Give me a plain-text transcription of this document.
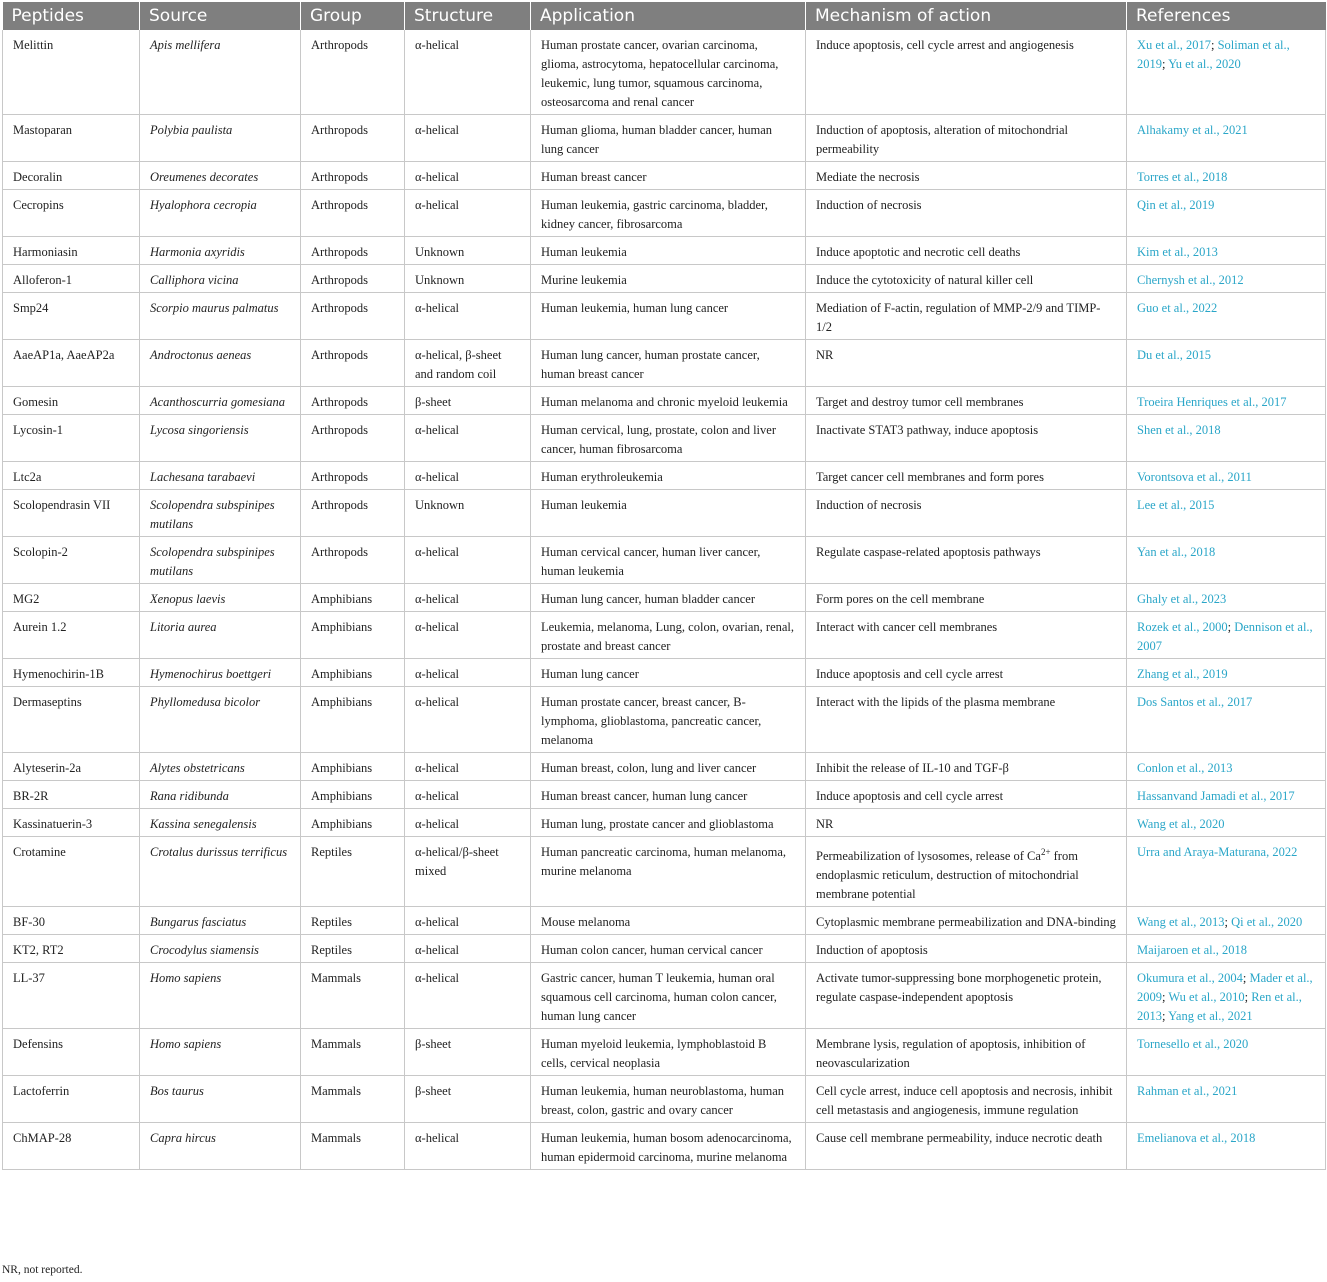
Peptides	Source	Group	Structure	Application	Mechanism of action	References
Melittin	Apis mellifera	Arthropods	α-helical	Human prostate cancer, ovarian carcinoma, glioma, astrocytoma, hepatocellular carcinoma, leukemic, lung tumor, squamous carcinoma, osteosarcoma and renal cancer	Induce apoptosis, cell cycle arrest and angiogenesis	Xu et al., 2017; Soliman et al., 2019; Yu et al., 2020
Mastoparan	Polybia paulista	Arthropods	α-helical	Human glioma, human bladder cancer, human lung cancer	Induction of apoptosis, alteration of mitochondrial permeability	Alhakamy et al., 2021
Decoralin	Oreumenes decorates	Arthropods	α-helical	Human breast cancer	Mediate the necrosis	Torres et al., 2018
Cecropins	Hyalophora cecropia	Arthropods	α-helical	Human leukemia, gastric carcinoma, bladder, kidney cancer, fibrosarcoma	Induction of necrosis	Qin et al., 2019
Harmoniasin	Harmonia axyridis	Arthropods	Unknown	Human leukemia	Induce apoptotic and necrotic cell deaths	Kim et al., 2013
Alloferon-1	Calliphora vicina	Arthropods	Unknown	Murine leukemia	Induce the cytotoxicity of natural killer cell	Chernysh et al., 2012
Smp24	Scorpio maurus palmatus	Arthropods	α-helical	Human leukemia, human lung cancer	Mediation of F-actin, regulation of MMP-2/9 and TIMP-1/2	Guo et al., 2022
AaeAP1a, AaeAP2a	Androctonus aeneas	Arthropods	α-helical, β-sheet and random coil	Human lung cancer, human prostate cancer, human breast cancer	NR	Du et al., 2015
Gomesin	Acanthoscurria gomesiana	Arthropods	β-sheet	Human melanoma and chronic myeloid leukemia	Target and destroy tumor cell membranes	Troeira Henriques et al., 2017
Lycosin-1	Lycosa singoriensis	Arthropods	α-helical	Human cervical, lung, prostate, colon and liver cancer, human fibrosarcoma	Inactivate STAT3 pathway, induce apoptosis	Shen et al., 2018
Ltc2a	Lachesana tarabaevi	Arthropods	α-helical	Human erythroleukemia	Target cancer cell membranes and form pores	Vorontsova et al., 2011
Scolopendrasin VII	Scolopendra subspinipes mutilans	Arthropods	Unknown	Human leukemia	Induction of necrosis	Lee et al., 2015
Scolopin-2	Scolopendra subspinipes mutilans	Arthropods	α-helical	Human cervical cancer, human liver cancer, human leukemia	Regulate caspase-related apoptosis pathways	Yan et al., 2018
MG2	Xenopus laevis	Amphibians	α-helical	Human lung cancer, human bladder cancer	Form pores on the cell membrane	Ghaly et al., 2023
Aurein 1.2	Litoria aurea	Amphibians	α-helical	Leukemia, melanoma, Lung, colon, ovarian, renal, prostate and breast cancer	Interact with cancer cell membranes	Rozek et al., 2000; Dennison et al., 2007
Hymenochirin-1B	Hymenochirus boettgeri	Amphibians	α-helical	Human lung cancer	Induce apoptosis and cell cycle arrest	Zhang et al., 2019
Dermaseptins	Phyllomedusa bicolor	Amphibians	α-helical	Human prostate cancer, breast cancer, B-lymphoma, glioblastoma, pancreatic cancer, melanoma	Interact with the lipids of the plasma membrane	Dos Santos et al., 2017
Alyteserin-2a	Alytes obstetricans	Amphibians	α-helical	Human breast, colon, lung and liver cancer	Inhibit the release of IL-10 and TGF-β	Conlon et al., 2013
BR-2R	Rana ridibunda	Amphibians	α-helical	Human breast cancer, human lung cancer	Induce apoptosis and cell cycle arrest	Hassanvand Jamadi et al., 2017
Kassinatuerin-3	Kassina senegalensis	Amphibians	α-helical	Human lung, prostate cancer and glioblastoma	NR	Wang et al., 2020
Crotamine	Crotalus durissus terrificus	Reptiles	α-helical/β-sheet mixed	Human pancreatic carcinoma, human melanoma, murine melanoma	Permeabilization of lysosomes, release of $Ca^{2+}$ from endoplasmic reticulum, destruction of mitochondrial membrane potential	Urra and Araya-Maturana, 2022
BF-30	Bungarus fasciatus	Reptiles	α-helical	Mouse melanoma	Cytoplasmic membrane permeabilization and DNA-binding	Wang et al., 2013; Qi et al., 2020
KT2, RT2	Crocodylus siamensis	Reptiles	α-helical	Human colon cancer, human cervical cancer	Induction of apoptosis	Maijaroen et al., 2018
LL-37	Homo sapiens	Mammals	α-helical	Gastric cancer, human T leukemia, human oral squamous cell carcinoma, human colon cancer, human lung cancer	Activate tumor-suppressing bone morphogenetic protein, regulate caspase-independent apoptosis	Okumura et al., 2004; Mader et al., 2009; Wu et al., 2010; Ren et al., 2013; Yang et al., 2021
Defensins	Homo sapiens	Mammals	β-sheet	Human myeloid leukemia, lymphoblastoid B cells, cervical neoplasia	Membrane lysis, regulation of apoptosis, inhibition of neovascularization	Tornesello et al., 2020
Lactoferrin	Bos taurus	Mammals	β-sheet	Human leukemia, human neuroblastoma, human breast, colon, gastric and ovary cancer	Cell cycle arrest, induce cell apoptosis and necrosis, inhibit cell metastasis and angiogenesis, immune regulation	Rahman et al., 2021
ChMAP-28	Capra hircus	Mammals	α-helical	Human leukemia, human bosom adenocarcinoma, human epidermoid carcinoma, murine melanoma	Cause cell membrane permeability, induce necrotic death	Emelianova et al., 2018
NR, not reported.
